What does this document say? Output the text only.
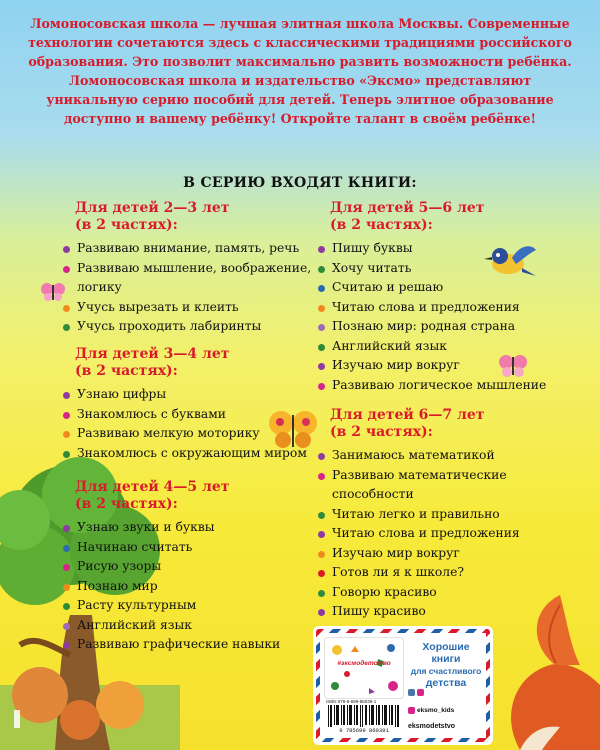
Ломоносовская школа — лучшая элитная школа Москвы. Современные технологии сочетаются здесь с классическими традициями российского образования. Это позволит максимально развить возможности ребёнка. Ломоносовская школа и издательство «Эксмо» представляют уникальную серию пособий для детей. Теперь элитное образование доступно и вашему ребёнку! Откройте талант в своём ребёнке!

В СЕРИЮ ВХОДЯТ КНИГИ:
Для детей 2—3 лет
(в 2 частях):
Развиваю внимание, память, речь
Развиваю мышление, воображение,
логику
Учусь вырезать и клеить
Учусь проходить лабиринты
Для детей 3—4 лет
(в 2 частях):
Узнаю цифры
Знакомлюсь с буквами
Развиваю мелкую моторику
Знакомлюсь с окружающим миром
Для детей 4—5 лет
(в 2 частях):
Узнаю звуки и буквы
Начинаю считать
Рисую узоры
Познаю мир
Расту культурным
Английский язык
Развиваю графические навыки
Для детей 5—6 лет
(в 2 частях):
Пишу буквы
Хочу читать
Считаю и решаю
Читаю слова и предложения
Познаю мир: родная страна
Английский язык
Изучаю мир вокруг
Развиваю логическое мышление
Для детей 6—7 лет
(в 2 частях):
Занимаюсь математикой
Развиваю математические
способности
Читаю легко и правильно
Читаю слова и предложения
Изучаю мир вокруг
Готов ли я к школе?
Говорю красиво
Пишу красиво
#эксмодетство
Хорошие
книги

для счастливого
детства
ISBN 978-5-699-86039-1
9 785699 860391
eksmo_kids
eksmodetstvo
